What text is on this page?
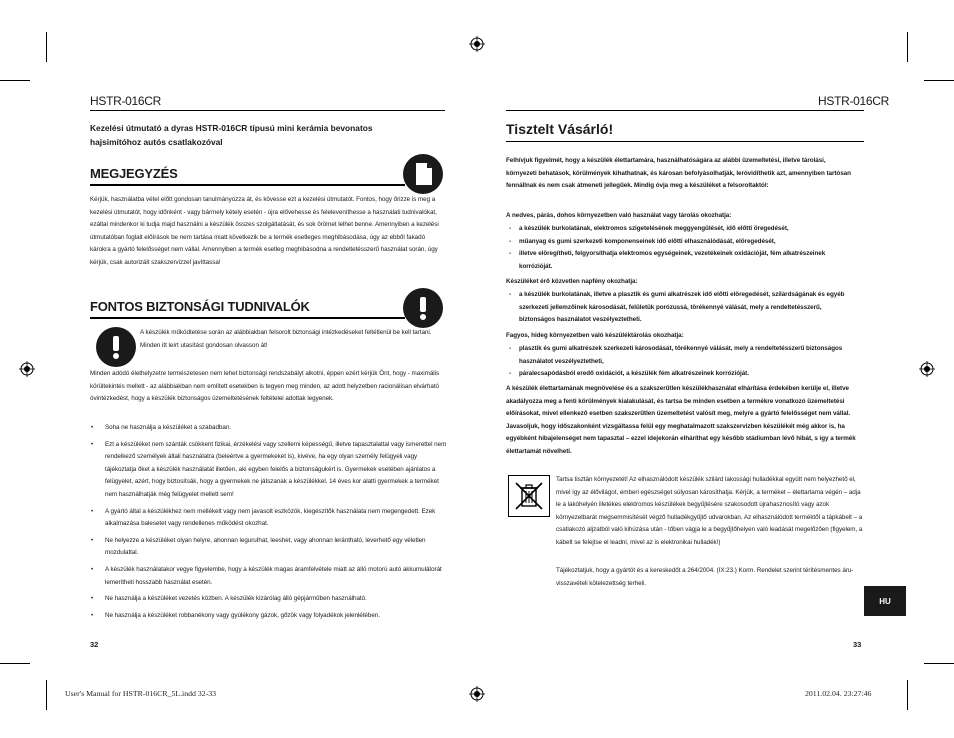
HSTR-016CR	HSTR-016CR
Kezelési útmutató a dyras HSTR-016CR típusú mini kerámia bevonatos hajsimítóhoz autós csatlakozóval
MEGJEGYZÉS
Kérjük, használatba vétel előtt gondosan tanulmányozza át, és kövesse ezt a kezelési útmutatót. Fontos, hogy őrizze is meg a kezelési útmutatót, hogy időnként - vagy bármely kétely esetén - újra elővehesse és feleleveníthesse a használati tudnivalókat, ezáltal mindenkor ki tudja majd használni a készülék összes szolgáltatását, és sok örömet lelhet benne. Amennyiben a kezelési útmutatóban foglalt előírások be nem tartása miatt következik be a termék esetleges meghibásodása, úgy az ebből fakadó károkra a gyártó felelősséget nem vállal. Amennyiben a termék esetleg meghibásodna a rendeltetésszerű használat során, úgy kérjük, csak autorizált szakszervizzel javíttassa!
FONTOS BIZTONSÁGI TUDNIVALÓK
A készülék működtetése során az alábbiakban felsorolt biztonsági intézkedéseket feltétlenül be kell tartani. Minden itt leírt utasítást gondosan olvasson át!
Minden adódó élethelyzetre természetesen nem lehet biztonsági rendszabályt alkotni, éppen ezért kérjük Önt, hogy - maximális körültekintés mellett - az alábbiakban nem említett esetekben is tegyen meg minden, az adott helyzetben racionálisan elvárható óvintézkedést, hogy a készülék biztonságos üzemeltetésének feltételei adottak legyenek.
• Soha ne használja a készüléket a szabadban.
• Ezt a készüléket nem szánták csökkent fizikai, érzékelési vagy szellemi képességű, illetve tapasztalattal vagy ismerettel nem rendelkező személyek általi használatra (beleértve a gyermekeket is), kivéve, ha egy olyan személy felügyeli vagy tájékoztatja őket a készülék használatát illetően, aki egyben felelős a biztonságukért is. Gyermekek esetében ajánlatos a felügyelet, azért, hogy biztosítsák, hogy a gyermekek ne játszanak a készülékkel. 14 éves kor alatti gyermekek a terméket nem használhatják még felügyelet mellett sem!
• A gyártó által a készülékhez nem mellékelt vagy nem javasolt eszközök, kiegészítők használata nem megengedett. Ezek alkalmazása balesetet vagy rendellenes működést okozhat.
• Ne helyezze a készüléket olyan helyre, ahonnan leguruIhat, leeshet, vagy ahonnan lerántható, leverhető egy véletlen mozdulattal.
• A készülék használatakor vegye figyelembe, hogy a készülék magas áramfelvétele miatt az álló motorú autó akkumulátorát lemerítheti hosszabb használat esetén.
• Ne használja a készüléket vezetés közben. A készülék kizárólag álló gépjárműben használható.
• Ne használja a készüléket robbanékony vagy gyúlékony gázok, gőzök vagy folyadékok jelenlétében.
32
Tisztelt Vásárló!
Felhívjuk figyelmét, hogy a készülék élettartamára, használhatóságára az alábbi üzemeltetési, illetve tárolási, környezeti behatások, körülmények kihathatnak, és károsan befolyásolhatják, leróvidíthetik azt, amennyiben tartósan fennállnak és nem csak átmeneti jellegűek. Mindig óvja meg a készüléket a felsoroltaktól:
A nedves, párás, dohos környezetben való használat vagy tárolás okozhatja:
- a készülék burkolatának, elektromos szigetelésének meggyengülését, idő előtti öregedését,
- műanyag és gumi szerkezeti komponenseinek idő előtti elhasználódását, elöregedését,
- illetve elöregítheti, felgyorsíthatja elektromos egységeinek, vezetékeinek oxidációját, fém alkatrészeinek korrózióját.
Készüléket érő közvetlen napfény okozhatja:
- a készülék burkolatának, illetve a plasztik és gumi alkatrészek idő előtti elöregedését, szilárdságának és egyéb szerkezeti jellemzőinek károsodását, felületük porózussá, törékennyé válását, mely a rendeltetésszerű, biztonságos használatot veszélyeztetheti.
Fagyos, hideg környezetben való készüléktárolás okozhatja:
- plasztik és gumi alkatrészek szerkezeti károsodását, törékennyé válását, mely a rendeltetésszerű biztonságos használatot veszélyeztetheti,
- páralecsapódásból eredő oxidációt, a készülék fém alkatrészeinek korrózióját.
A készülék élettartamának megnövelése és a szakszerűtlen készülékhasználat elhárítása érdekében kerülje el, illetve akadályozza meg a fenti körülmények kialakulását, és tartsa be minden esetben a termékre vonatkozó üzemeltetési előírásokat, mivel ellenkező esetben szakszerűtlen üzemeltetést valósít meg, melyre a gyártó felelősséget nem vállal. Javasoljuk, hogy időszakonként vizsgáltassa felül egy meghatalmazott szakszervizben készülékét még akkor is, ha egyébként hibajelenséget nem tapasztal – ezzel idejekorán elháríthat egy később stádiumban lévő hibát, s így a termék élettartamát növelheti.
Tartsa tisztán környezetét! Az elhasználódott készülék szilárd lakossági hulladékkal együtt nem helyezhető el, mivel így az élővilágot, emberi egészséget súlyosan károsíthatja. Kérjük, a terméket – élettartama végén – adja le a lakóhelyén illetékes elektromos készülékek begyűjtésére szakosodott újrahasznosító vagy azok környezetbarát megsemmisítését végző hulladékgyűjtő udvarokban. Az elhasználódott terméktől a tápkábelt – a csatlakozó aljzatból való kihúzása után - tőben vágja le a begyűjtőhelyen való leadását megelőzően (figyelem, a kábelt se felejtse el leadni, mivel az is elektronikai hulladék!)
Tájékoztatjuk, hogy a gyártót és a kereskedőt a 264/2004. (IX:23.) Korm. Rendelet szerint térítésmentes áru-visszavételi kötelezettség terheli.
HU
33
User's Manual for HSTR-016CR_5L.indd 32-33	2011.02.04. 23:27:46
